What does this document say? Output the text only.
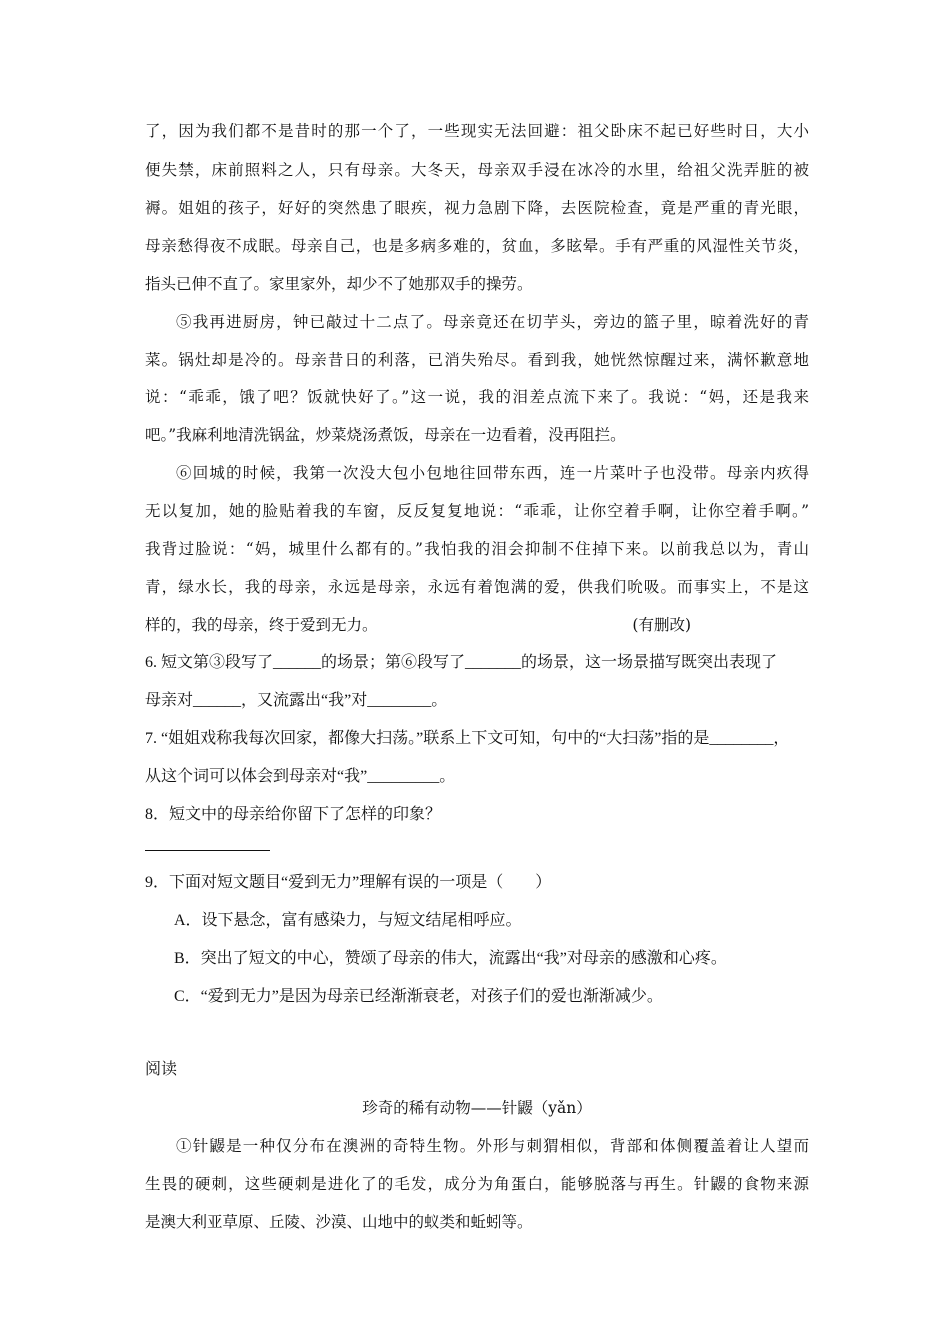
了，因为我们都不是昔时的那一个了，一些现实无法回避：祖父卧床不起已好些时日，大小
便失禁，床前照料之人，只有母亲。大冬天，母亲双手浸在冰冷的水里，给祖父洗弄脏的被
褥。姐姐的孩子，好好的突然患了眼疾，视力急剧下降，去医院检查，竟是严重的青光眼，
母亲愁得夜不成眠。母亲自己，也是多病多难的，贫血，多眩晕。手有严重的风湿性关节炎，
指头已伸不直了。家里家外，却少不了她那双手的操劳。
⑤我再进厨房，钟已敲过十二点了。母亲竟还在切芋头，旁边的篮子里，晾着洗好的青
菜。锅灶却是冷的。母亲昔日的利落，已消失殆尽。看到我，她恍然惊醒过来，满怀歉意地
说：“乖乖，饿了吧？饭就快好了。”这一说，我的泪差点流下来了。我说：“妈，还是我来
吧。”我麻利地清洗锅盆，炒菜烧汤煮饭，母亲在一边看着，没再阻拦。
⑥回城的时候，我第一次没大包小包地往回带东西，连一片菜叶子也没带。母亲内疚得
无以复加，她的脸贴着我的车窗，反反复复地说：“乖乖，让你空着手啊，让你空着手啊。”
我背过脸说：“妈，城里什么都有的。”我怕我的泪会抑制不住掉下来。以前我总以为，青山
青，绿水长，我的母亲，永远是母亲，永远有着饱满的爱，供我们吮吸。而事实上，不是这
样的，我的母亲，终于爱到无力。	(有删改)
6. 短文第③段写了______的场景；第⑥段写了_______的场景，这一场景描写既突出表现了
母亲对______，又流露出“我”对________。
7. “姐姐戏称我每次回家，都像大扫荡。”联系上下文可知，句中的“大扫荡”指的是________，
从这个词可以体会到母亲对“我”_________。
8．短文中的母亲给你留下了怎样的印象？
9．下面对短文题目“爱到无力”理解有误的一项是（　　）
A．设下悬念，富有感染力，与短文结尾相呼应。
B．突出了短文的中心，赞颂了母亲的伟大，流露出“我”对母亲的感激和心疼。
C．“爱到无力”是因为母亲已经渐渐衰老，对孩子们的爱也渐渐减少。
阅读
珍奇的稀有动物——针鼹（yǎn）
①针鼹是一种仅分布在澳洲的奇特生物。外形与刺猬相似，背部和体侧覆盖着让人望而
生畏的硬刺，这些硬刺是进化了的毛发，成分为角蛋白，能够脱落与再生。针鼹的食物来源
是澳大利亚草原、丘陵、沙漠、山地中的蚁类和蚯蚓等。
